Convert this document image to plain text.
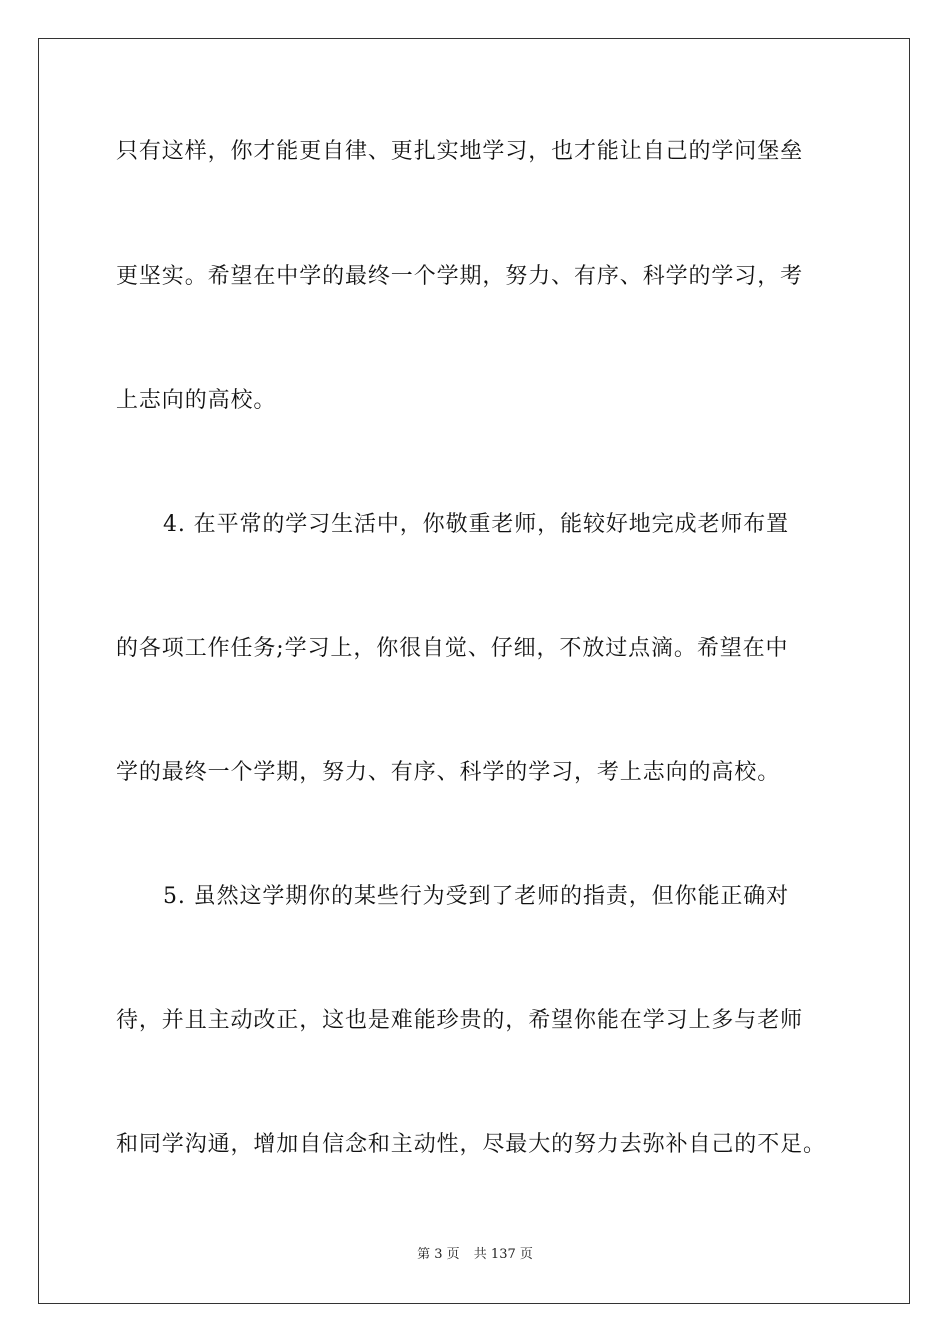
只有这样，你才能更自律、更扎实地学习，也才能让自己的学问堡垒
更坚实。希望在中学的最终一个学期，努力、有序、科学的学习，考
上志向的高校。
4. 在平常的学习生活中，你敬重老师，能较好地完成老师布置
的各项工作任务;学习上，你很自觉、仔细，不放过点滴。希望在中
学的最终一个学期，努力、有序、科学的学习，考上志向的高校。
5. 虽然这学期你的某些行为受到了老师的指责，但你能正确对
待，并且主动改正，这也是难能珍贵的，希望你能在学习上多与老师
和同学沟通，增加自信念和主动性，尽最大的努力去弥补自己的不足。
第 3 页 共 137 页
